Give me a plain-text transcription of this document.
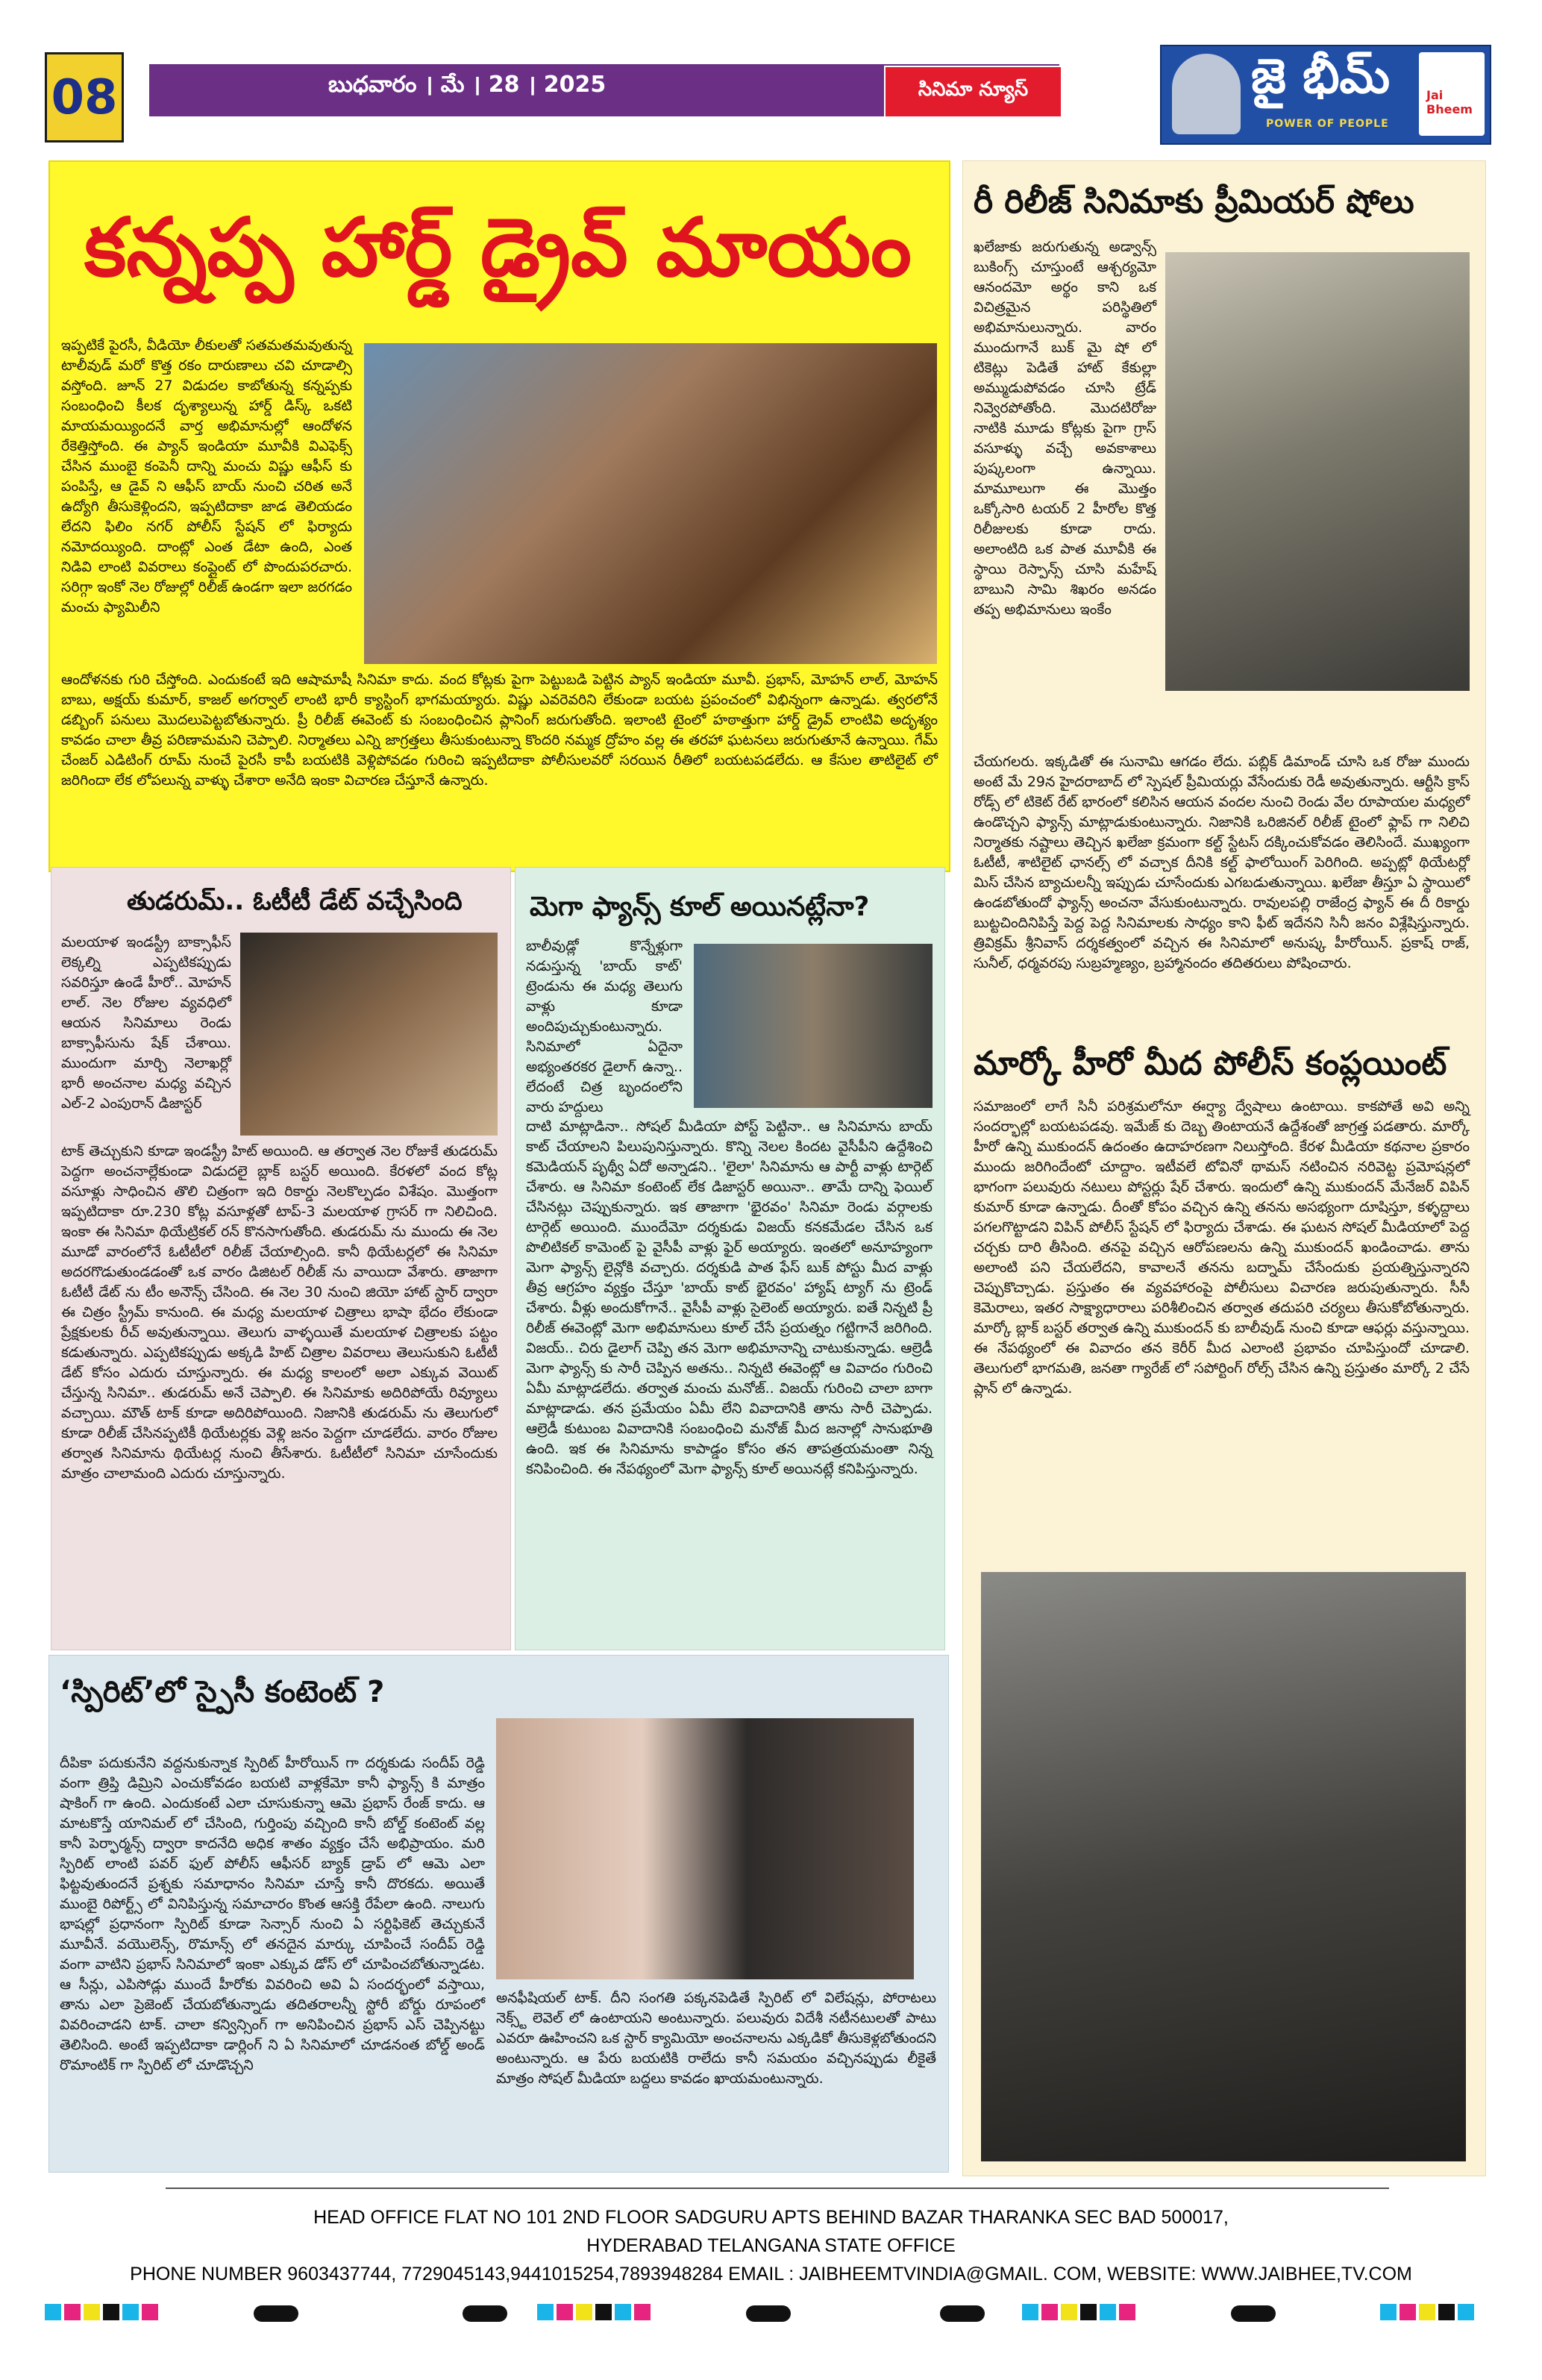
08	బుధవారం । మే । 28 । 2025	సినిమా న్యూస్	జై భీమ్
POWER OF PEOPLE
Jai Bheem
కన్నప్ప హార్డ్ డ్రైవ్ మాయం
ఇప్పటికే పైరసీ, వీడియో లీకులతో సతమతమవుతున్న టాలీవుడ్ మరో కొత్త రకం దారుణాలు చవి చూడాల్సి వస్తోంది. జూన్ 27 విడుదల కాబోతున్న కన్నప్పకు సంబంధించి కీలక దృశ్యాలున్న హార్డ్ డిస్క్ ఒకటి మాయమయ్యిందనే వార్త అభిమానుల్లో ఆందోళన రేకెత్తిస్తోంది. ఈ ప్యాన్ ఇండియా మూవీకి విఎఫెక్స్ చేసిన ముంబై కంపెనీ దాన్ని మంచు విష్ణు ఆఫీస్ కు పంపిస్తే, ఆ డైవ్ ని ఆఫీస్ బాయ్ నుంచి చరిత అనే ఉద్యోగి తీసుకెళ్లిందని, ఇప్పటిదాకా జాడ తెలియడం లేదని ఫిలిం నగర్ పోలీస్ స్టేషన్ లో ఫిర్యాదు నమోదయ్యింది. దాంట్లో ఎంత డేటా ఉంది, ఎంత నిడివి లాంటి వివరాలు కంప్లైంట్ లో పొందుపరచారు. సరిగ్గా ఇంకో నెల రోజుల్లో రిలీజ్ ఉండగా ఇలా జరగడం మంచు ఫ్యామిలీని
ఆందోళనకు గురి చేస్తోంది. ఎందుకంటే ఇది ఆషామాషీ సినిమా కాదు. వంద కోట్లకు పైగా పెట్టుబడి పెట్టిన ప్యాన్ ఇండియా మూవీ. ప్రభాస్, మోహన్ లాల్, మోహన్ బాబు, అక్షయ్ కుమార్, కాజల్ అగర్వాల్ లాంటి భారీ క్యాస్టింగ్ భాగమయ్యారు. విష్ణు ఎవరెవరిని లేకుండా బయట ప్రపంచంలో విభిన్నంగా ఉన్నాడు. త్వరలోనే డబ్బింగ్ పనులు మొదలుపెట్టబోతున్నారు. ప్రీ రిలీజ్ ఈవెంట్ కు సంబంధించిన ప్లానింగ్ జరుగుతోంది. ఇలాంటి టైంలో హఠాత్తుగా హార్డ్ డ్రైవ్ లాంటివి అదృశ్యం కావడం చాలా తీవ్ర పరిణామమని చెప్పాలి. నిర్మాతలు ఎన్ని జాగ్రత్తలు తీసుకుంటున్నా కొందరి నమ్మక ద్రోహం వల్ల ఈ తరహా ఘటనలు జరుగుతూనే ఉన్నాయి. గేమ్ చేంజర్ ఎడిటింగ్ రూమ్ నుంచే పైరసీ కాపీ బయటికి వెళ్లిపోవడం గురించి ఇప్పటిదాకా పోలీసులవరో సరయిన రీతిలో బయటపడలేదు. ఆ కేసుల తాటిలైట్ లో జరిగిందా లేక లోపలున్న వాళ్ళు చేశారా అనేది ఇంకా విచారణ చేస్తూనే ఉన్నారు.
రీ రిలీజ్ సినిమాకు ప్రీమియర్ షోలు
ఖలేజాకు జరుగుతున్న అడ్వాన్స్ బుకింగ్స్ చూస్తుంటే ఆశ్చర్యమో ఆనందమో అర్థం కాని ఒక విచిత్రమైన పరిస్థితిలో అభిమానులున్నారు. వారం ముందుగానే బుక్ మై షో లో టికెట్లు పెడితే హాట్ కేకుల్లా అమ్ముడుపోవడం చూసి ట్రేడ్ నివ్వెరపోతోంది. మొదటిరోజు నాటికి మూడు కోట్లకు పైగా గ్రాస్ వసూళ్ళు వచ్చే అవకాశాలు పుష్కలంగా ఉన్నాయి. మామూలుగా ఈ మొత్తం ఒక్కోసారి టయర్ 2 హీరోల కొత్త రిలీజులకు కూడా రాదు. అలాంటిది ఒక పాత మూవీకి ఈ స్థాయి రెస్పాన్స్ చూసి మహేష్ బాబుని సామి శిఖరం అనడం తప్ప అభిమానులు ఇంకేం
చేయగలరు. ఇక్కడితో ఈ సునామి ఆగడం లేదు. పబ్లిక్ డిమాండ్ చూసి ఒక రోజు ముందు అంటే మే 29న హైదరాబాద్ లో స్పెషల్ ప్రీమియర్లు వేసేందుకు రెడీ అవుతున్నారు. ఆర్టీసి క్రాస్ రోడ్స్ లో టికెట్ రేట్ భారంలో కలిసిన ఆయన వందల నుంచి రెండు వేల రూపాయల మధ్యలో ఉండొచ్చని ఫ్యాన్స్ మాట్లాడుకుంటున్నారు. నిజానికి ఒరిజినల్ రిలీజ్ టైంలో ఫ్లాప్ గా నిలిచి నిర్మాతకు నష్టాలు తెచ్చిన ఖలేజా క్రమంగా కల్ట్ స్టేటస్ దక్కించుకోవడం తెలిసిందే. ముఖ్యంగా ఓటీటీ, శాటిలైట్ ఛానల్స్ లో వచ్చాక దీనికి కల్ట్ ఫాలోయింగ్ పెరిగింది. అప్పట్లో థియేటర్లో మిస్ చేసిన బ్యాచులన్నీ ఇప్పుడు చూసేందుకు ఎగబడుతున్నాయి. ఖలేజా తీస్తూ ఏ స్థాయిలో ఉండబోతుందో ఫ్యాన్స్ అంచనా వేసుకుంటున్నారు. రావులపల్లి రాజేంద్ర ఫ్యాన్ ఈ దీ రికార్డు బుట్టచిందినిపిస్తే పెద్ద పెద్ద సినిమాలకు సాధ్యం కాని ఫీట్ ఇదేనని సినీ జనం విశ్లేషిస్తున్నారు. త్రివిక్రమ్ శ్రీనివాస్ దర్శకత్వంలో వచ్చిన ఈ సినిమాలో అనుష్క హీరోయిన్. ప్రకాష్ రాజ్, సునీల్, ధర్మవరపు సుబ్రహ్మణ్యం, బ్రహ్మానందం తదితరులు పోషించారు.
మార్కో హీరో మీద పోలీస్ కంప్లయింట్
సమాజంలో లాగే సినీ పరిశ్రమలోనూ ఈర్ష్యా ద్వేషాలు ఉంటాయి. కాకపోతే అవి అన్ని సందర్భాల్లో బయటపడవు. ఇమేజ్ కు దెబ్బ తింటాయనే ఉద్దేశంతో జాగ్రత్త పడతారు. మార్కో హీరో ఉన్ని ముకుందన్ ఉదంతం ఉదాహరణగా నిలుస్తోంది. కేరళ మీడియా కథనాల ప్రకారం ముందు జరిగిందేంటో చూద్దాం. ఇటీవలే టోవినో థామస్ నటించిన నరివెట్ట ప్రమోషన్లలో భాగంగా పలువురు నటులు పోస్టర్లు షేర్ చేశారు. ఇందులో ఉన్ని ముకుందన్ మేనేజర్ విపిన్ కుమార్ కూడా ఉన్నాడు. దీంతో కోపం వచ్చిన ఉన్ని తనను అసభ్యంగా దూషిస్తూ, కళ్ళద్దాలు పగలగొట్టాడని విపిన్ పోలీస్ స్టేషన్ లో ఫిర్యాదు చేశాడు. ఈ ఘటన సోషల్ మీడియాలో పెద్ద చర్చకు దారి తీసింది. తనపై వచ్చిన ఆరోపణలను ఉన్ని ముకుందన్ ఖండించాడు. తాను అలాంటి పని చేయలేదని, కావాలనే తనను బద్నామ్ చేసేందుకు ప్రయత్నిస్తున్నారని చెప్పుకొచ్చాడు. ప్రస్తుతం ఈ వ్యవహారంపై పోలీసులు విచారణ జరుపుతున్నారు. సీసీ కెమెరాలు, ఇతర సాక్ష్యాధారాలు పరిశీలించిన తర్వాత తదుపరి చర్యలు తీసుకోబోతున్నారు. మార్కో బ్లాక్ బస్టర్ తర్వాత ఉన్ని ముకుందన్ కు బాలీవుడ్ నుంచి కూడా ఆఫర్లు వస్తున్నాయి. ఈ నేపథ్యంలో ఈ వివాదం తన కెరీర్ మీద ఎలాంటి ప్రభావం చూపిస్తుందో చూడాలి. తెలుగులో భాగమతి, జనతా గ్యారేజ్ లో సపోర్టింగ్ రోల్స్ చేసిన ఉన్ని ప్రస్తుతం మార్కో 2 చేసే ప్లాన్ లో ఉన్నాడు.
తుడరుమ్.. ఓటీటీ డేట్ వచ్చేసింది
మలయాళ ఇండస్ట్రీ బాక్సాఫీస్ లెక్కల్ని ఎప్పటికప్పుడు సవరిస్తూ ఉండే హీరో.. మోహన్ లాల్. నెల రోజుల వ్యవధిలో ఆయన సినిమాలు రెండు బాక్సాఫీసును షేక్ చేశాయి. ముందుగా మార్చి నెలాఖర్లో భారీ అంచనాల మధ్య వచ్చిన ఎల్-2 ఎంపురాన్ డిజాస్టర్
టాక్ తెచ్చుకుని కూడా ఇండస్ట్రీ హిట్ అయింది. ఆ తర్వాత నెల రోజుకే తుడరుమ్ పెద్దగా అంచనాల్లేకుండా విడుదలై బ్లాక్ బస్టర్ అయింది. కేరళలో వంద కోట్ల వసూళ్లు సాధించిన తొలి చిత్రంగా ఇది రికార్డు నెలకొల్పడం విశేషం. మొత్తంగా ఇప్పటిదాకా రూ.230 కోట్ల వసూళ్లతో టాప్-3 మలయాళ గ్రాసర్ గా నిలిచింది. ఇంకా ఈ సినిమా థియేట్రికల్ రన్ కొనసాగుతోంది. తుడరుమ్ ను ముందు ఈ నెల మూడో వారంలోనే ఓటీటీలో రిలీజ్ చేయాల్సింది. కానీ థియేటర్లలో ఈ సినిమా అదరగొడుతుండడంతో ఒక వారం డిజిటల్ రిలీజ్ ను వాయిదా వేశారు. తాజాగా ఓటీటీ డేట్ ను టీం అనౌన్స్ చేసింది. ఈ నెల 30 నుంచి జియో హాట్ స్టార్ ద్వారా ఈ చిత్రం స్ట్రీమ్ కానుంది. ఈ మధ్య మలయాళ చిత్రాలు భాషా భేదం లేకుండా ప్రేక్షకులకు రీచ్ అవుతున్నాయి. తెలుగు వాళ్ళయితే మలయాళ చిత్రాలకు పట్టం కడుతున్నారు. ఎప్పటికప్పుడు అక్కడి హిట్ చిత్రాల వివరాలు తెలుసుకుని ఓటీటీ డేట్ కోసం ఎదురు చూస్తున్నారు. ఈ మధ్య కాలంలో అలా ఎక్కువ వెయిట్ చేస్తున్న సినిమా.. తుడరుమ్ అనే చెప్పాలి. ఈ సినిమాకు అదిరిపోయే రివ్యూలు వచ్చాయి. మౌత్ టాక్ కూడా అదిరిపోయింది. నిజానికి తుడరుమ్ ను తెలుగులో కూడా రిలీజ్ చేసినప్పటికీ థియేటర్లకు వెళ్లి జనం పెద్దగా చూడలేదు. వారం రోజుల తర్వాత సినిమాను థియేటర్ల నుంచి తీసేశారు. ఓటీటీలో సినిమా చూసేందుకు మాత్రం చాలామంది ఎదురు చూస్తున్నారు.
మెగా ఫ్యాన్స్ కూల్ అయినట్లేనా?
బాలీవుడ్లో కొన్నేళ్లుగా నడుస్తున్న 'బాయ్ కాట్' ట్రెండును ఈ మధ్య తెలుగు వాళ్లు కూడా అందిపుచ్చుకుంటున్నారు. సినిమాలో ఏదైనా అభ్యంతరకర డైలాగ్ ఉన్నా.. లేదంటే చిత్ర బృందంలోని వారు హద్దులు
దాటి మాట్లాడినా.. సోషల్ మీడియా పోస్ట్ పెట్టినా.. ఆ సినిమాను బాయ్ కాట్ చేయాలని పిలుపునిస్తున్నారు. కొన్ని నెలల కిందట వైసీపీని ఉద్దేశించి కమెడియన్ పృథ్వీ ఏదో అన్నాడని.. 'లైలా' సినిమాను ఆ పార్టీ వాళ్లు టార్గెట్ చేశారు. ఆ సినిమా కంటెంట్ లేక డిజాస్టర్ అయినా.. తామే దాన్ని ఫెయిల్ చేసినట్లు చెప్పుకున్నారు. ఇక తాజాగా 'భైరవం' సినిమా రెండు వర్గాలకు టార్గెట్ అయింది. ముందేమో దర్శకుడు విజయ్ కనకమేడల చేసిన ఒక పొలిటికల్ కామెంట్ పై వైసీపీ వాళ్లు ఫైర్ అయ్యారు. ఇంతలో అనూహ్యంగా మెగా ఫ్యాన్స్ లైన్లోకి వచ్చారు. దర్శకుడి పాత ఫేస్ బుక్ పోస్టు మీద వాళ్లు తీవ్ర ఆగ్రహం వ్యక్తం చేస్తూ 'బాయ్ కాట్ భైరవం' హ్యాష్ ట్యాగ్ ను ట్రెండ్ చేశారు. వీళ్లు అందుకోగానే.. వైసీపీ వాళ్లు సైలెంట్ అయ్యారు. ఐతే నిన్నటి ప్రీ రిలీజ్ ఈవెంట్లో మెగా అభిమానులు కూల్ చేసే ప్రయత్నం గట్టిగానే జరిగింది. విజయ్.. చిరు డైలాగ్ చెప్పి తన మెగా అభిమానాన్ని చాటుకున్నాడు. ఆల్రెడీ మెగా ఫ్యాన్స్ కు సారీ చెప్పిన అతను.. నిన్నటి ఈవెంట్లో ఆ వివాదం గురించి ఏమీ మాట్లాడలేదు. తర్వాత మంచు మనోజ్.. విజయ్ గురించి చాలా బాగా మాట్లాడాడు. తన ప్రమేయం ఏమీ లేని వివాదానికి తాను సారీ చెప్పాడు. ఆల్రెడీ కుటుంబ వివాదానికి సంబంధించి మనోజ్ మీద జనాల్లో సానుభూతి ఉంది. ఇక ఈ సినిమాను కాపాడ్డం కోసం తన తాపత్రయమంతా నిన్న కనిపించింది. ఈ నేపథ్యంలో మెగా ఫ్యాన్స్ కూల్ అయినట్లే కనిపిస్తున్నారు.
‘స్పిరిట్’లో స్పైసీ కంటెంట్ ?
దీపికా పదుకునేని వద్దనుకున్నాక స్పిరిట్ హీరోయిన్ గా దర్శకుడు సందీప్ రెడ్డి వంగా త్రిప్తి డిమ్రిని ఎంచుకోవడం బయటి వాళ్లకేమో కానీ ఫ్యాన్స్ కి మాత్రం షాకింగ్ గా ఉంది. ఎందుకంటే ఎలా చూసుకున్నా ఆమె ప్రభాస్ రేంజ్ కాదు. ఆ మాటకొస్తే యానిమల్ లో చేసింది, గుర్తింపు వచ్చింది కానీ బోల్డ్ కంటెంట్ వల్ల కానీ పెర్ఫార్మన్స్ ద్వారా కాదనేది అధిక శాతం వ్యక్తం చేసే అభిప్రాయం. మరి స్పిరిట్ లాంటి పవర్ ఫుల్ పోలీస్ ఆఫీసర్ బ్యాక్ డ్రాప్ లో ఆమె ఎలా ఫిట్టవుతుందనే ప్రశ్నకు సమాధానం సినిమా చూస్తే కానీ దొరకదు. అయితే ముంబై రిపోర్ట్స్ లో వినిపిస్తున్న సమాచారం కొంత ఆసక్తి రేపేలా ఉంది. నాలుగు భాషల్లో ప్రధానంగా స్పిరిట్ కూడా సెన్సార్ నుంచి ఏ సర్టిఫికెట్ తెచ్చుకునే మూవీనే. వయొలెన్స్, రొమాన్స్ లో తనదైన మార్కు చూపించే సందీప్ రెడ్డి వంగా వాటిని ప్రభాస్ సినిమాలో ఇంకా ఎక్కువ డోస్ లో చూపించబోతున్నాడట. ఆ సీన్లు, ఎపిసోడ్లు ముందే హీరోకు వివరించి అవి ఏ సందర్భంలో వస్తాయి, తాను ఎలా ప్రెజెంట్ చేయబోతున్నాడు తదితరాలన్నీ స్టోరీ బోర్డు రూపంలో వివరించాడని టాక్. చాలా కన్విన్సింగ్ గా అనిపించిన ప్రభాస్ ఎస్ చెప్పినట్టు తెలిసింది. అంటే ఇప్పటిదాకా డార్లింగ్ ని ఏ సినిమాలో చూడనంత బోల్డ్ అండ్ రొమాంటిక్ గా స్పిరిట్ లో చూడొచ్చని
అనఫీషియల్ టాక్. దీని సంగతి పక్కనపెడితే స్పిరిట్ లో విలేషన్లు, పోరాటలు నెక్స్ట్ లెవెల్ లో ఉంటాయని అంటున్నారు. పలువురు విదేశీ నటీనటులతో పాటు ఎవరూ ఊహించని ఒక స్టార్ క్యామియో అంచనాలను ఎక్కడికో తీసుకెళ్లబోతుందని అంటున్నారు. ఆ పేరు బయటికి రాలేదు కానీ సమయం వచ్చినప్పుడు లీకైతే మాత్రం సోషల్ మీడియా బద్దలు కావడం ఖాయమంటున్నారు.
HEAD OFFICE FLAT NO 101 2ND FLOOR SADGURU APTS BEHIND BAZAR THARANKA SEC BAD 500017,
HYDERABAD TELANGANA STATE OFFICE
PHONE NUMBER 9603437744, 7729045143,9441015254,7893948284 EMAIL : JAIBHEEMTVINDIA@GMAIL. COM, WEBSITE: WWW.JAIBHEE,TV.COM
